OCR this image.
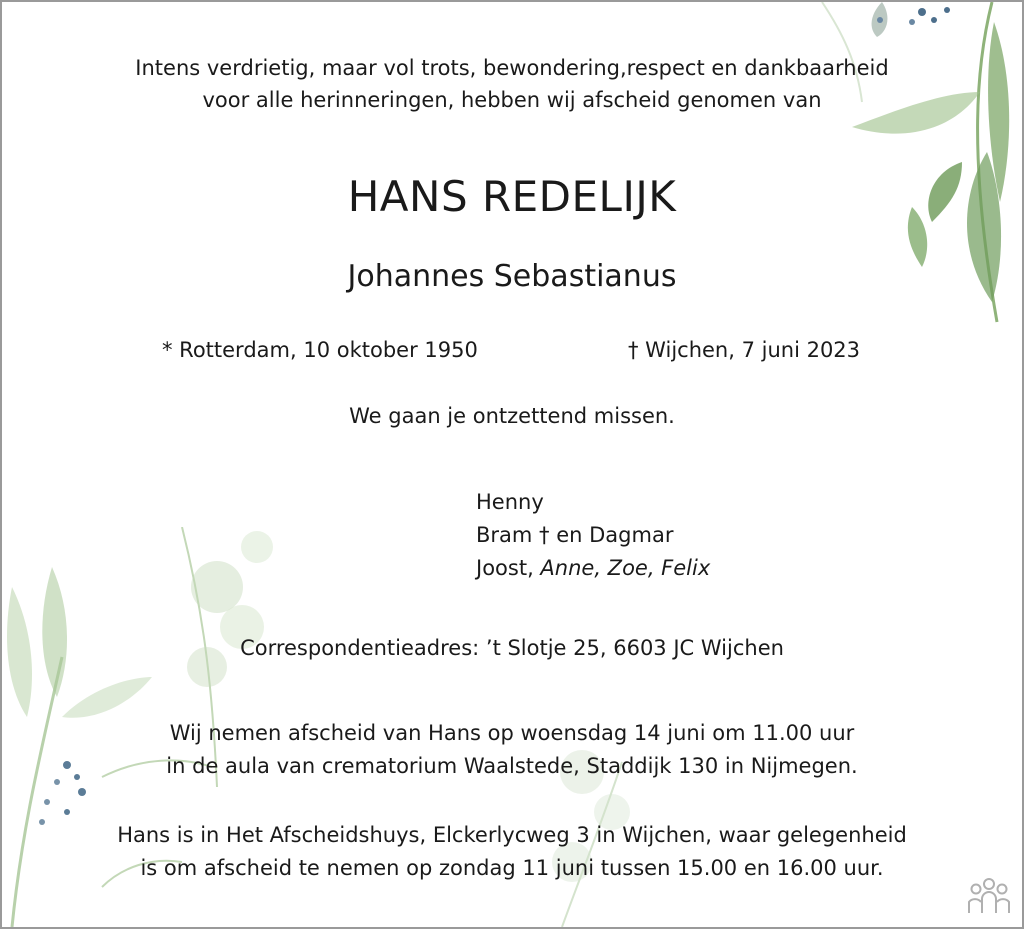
Intens verdrietig, maar vol trots, bewondering,respect en dankbaarheid
voor alle herinneringen, hebben wij afscheid genomen van
HANS REDELIJK
Johannes Sebastianus
* Rotterdam, 10 oktober 1950	† Wijchen, 7 juni 2023
We gaan je ontzettend missen.
Henny
Bram † en Dagmar
Joost, Anne, Zoe, Felix
Correspondentieadres: ’t Slotje 25, 6603 JC Wijchen
Wij nemen afscheid van Hans op woensdag 14 juni om 11.00 uur
in de aula van crematorium Waalstede, Staddijk 130 in Nijmegen.
Hans is in Het Afscheidshuys, Elckerlycweg 3 in Wijchen, waar gelegenheid
is om afscheid te nemen op zondag 11 juni tussen 15.00 en 16.00 uur.
